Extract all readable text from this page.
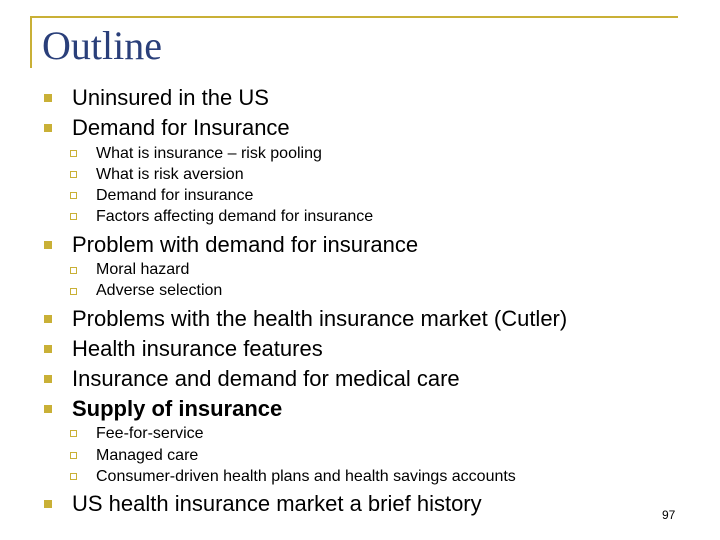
Outline
Uninsured in the US
Demand for Insurance
What is insurance – risk pooling
What is risk aversion
Demand for insurance
Factors affecting demand for insurance
Problem with demand for insurance
Moral hazard
Adverse selection
Problems with the health insurance market (Cutler)
Health insurance features
Insurance and demand for medical care
Supply of insurance
Fee-for-service
Managed care
Consumer-driven health plans and health savings accounts
US health insurance market a brief history	97
